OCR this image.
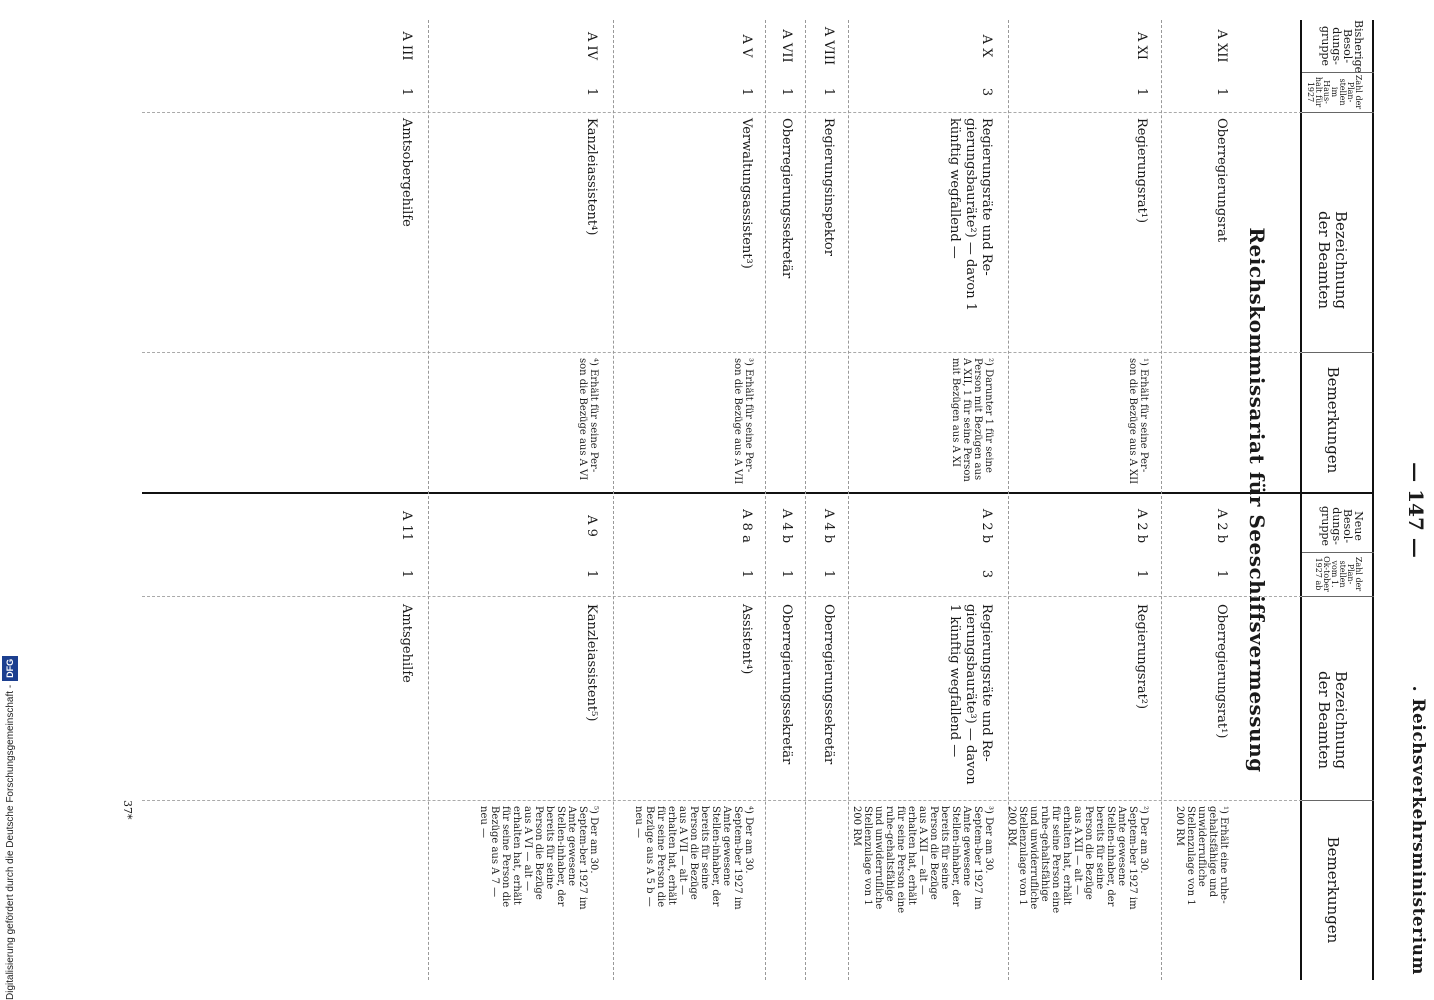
— 147 —
. Reichsverkehrsministerium
Bisherige Besol-dungs-gruppe
Zahl der Plan-stellen im Haus-halt für 1927
Bezeichnung der Beamten
Bemerkungen
Neue Besol-dungs-gruppe
Zahl der Plan-stellen vom 1. Ok-tober 1927 ab
Bezeichnung der Beamten
Bemerkungen
Reichskommissariat für Seeschiffsvermessung
A XII
1
Oberregierungsrat
A 2 b
1
Oberregierungsrat¹)
¹) Erhält eine ruhe-gehaltsfähige und unwiderrufliche Stellenzulage von 1 200 RM
A XI
1
Regierungsrat¹)
¹) Erhält für seine Per-son die Bezüge aus A XII
A 2 b
1
Regierungsrat²)
²) Der am 30. Septem-ber 1927 im Amte gewesene Stellen-inhaber, der bereits für seine Person die Bezüge aus A XII — alt — erhalten hat, erhält für seine Person eine ruhe-gehaltsfähige und unwiderrufliche Stellenzulage von 1 200 RM
A X
3
Regierungsräte und Re-gierungsbauräte²) — davon 1 künftig wegfallend —
²) Darunter 1 für seine Person mit Bezügen aus A XII, 1 für seine Person mit Bezügen aus A XI
A 2 b
3
Regierungsräte und Re-gierungsbauräte³) — davon 1 künftig wegfallend —
³) Der am 30. Septem-ber 1927 im Amte gewesene Stellen-inhaber, der bereits für seine Person die Bezüge aus A XII — alt — erhalten hat, erhält für seine Person eine ruhe-gehaltsfähige und unwiderrufliche Stellenzulage von 1 200 RM
A VIII
1
Regierungsinspektor
A 4 b
1
Oberregierungssekretär
A VII
1
Oberregierungssekretär
A 4 b
1
Oberregierungssekretär
A V
1
Verwaltungsassistent³)
³) Erhält für seine Per-son die Bezüge aus A VII
A 8 a
1
Assistent⁴)
⁴) Der am 30. Septem-ber 1927 im Amte gewesene Stellen-inhaber, der bereits für seine Person die Bezüge aus A VII — alt — erhalten hat, erhält für seine Person die Bezüge aus A 5 b — neu —
A IV
1
Kanzleiassistent⁴)
⁴) Erhält für seine Per-son die Bezüge aus A VI
A 9
1
Kanzleiassistent⁵)
⁵) Der am 30. Septem-ber 1927 im Amte gewesene Stellen-inhaber, der bereits für seine Person die Bezüge aus A VI — alt — erhalten hat, erhält für seine Person die Bezüge aus A 7 — neu —
A III
1
Amtsobergehilfe
A 11
1
Amtsgehilfe
37*
Digitalisierung gefördert durch die Deutsche Forschungsgemeinschaft -DFG
